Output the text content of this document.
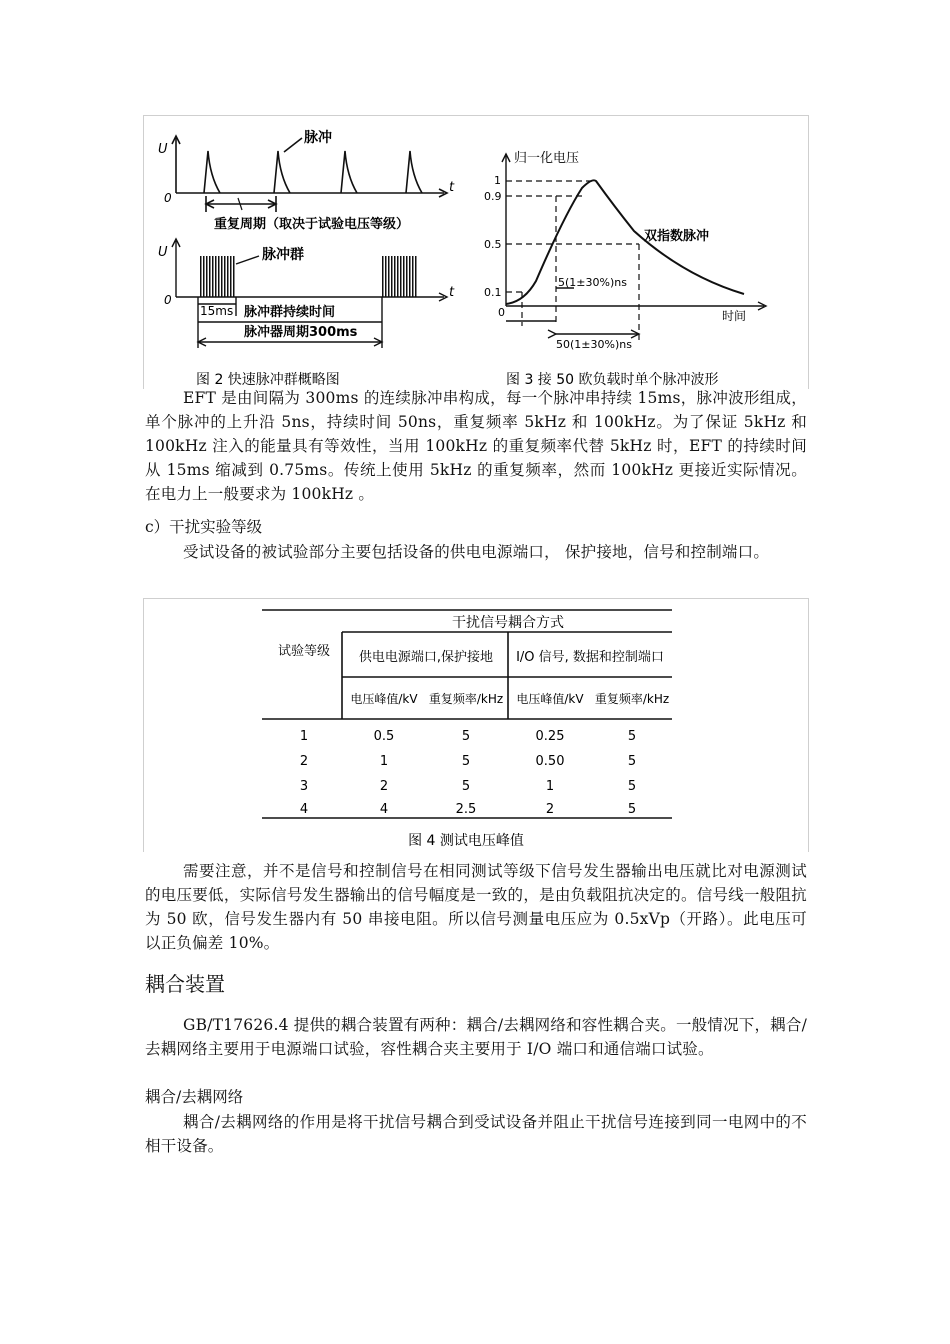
U
0
t
脉冲
重复周期（取决于试验电压等级）
U
0	t
脉冲群
15ms 脉冲群持续时间
脉冲器周期300ms
图 2 快速脉冲群概略图
归一化电压
1
0.9
0.5
0.1
0
双指数脉冲
5(1±30%)ns
50(1±30%)ns
时间
图 3 接 50 欧负载时单个脉冲波形
EFT 是由间隔为 300ms 的连续脉冲串构成，每一个脉冲串持续 15ms，脉冲波形组成，单个脉冲的上升沿 5ns，持续时间 50ns，重复频率 5kHz 和 100kHz。为了保证 5kHz 和 100kHz 注入的能量具有等效性，当用 100kHz 的重复频率代替 5kHz 时，EFT 的持续时间从 15ms 缩减到 0.75ms。传统上使用 5kHz 的重复频率，然而 100kHz 更接近实际情况。在电力上一般要求为 100kHz 。
c）干扰实验等级
受试设备的被试验部分主要包括设备的供电电源端口， 保护接地，信号和控制端口。
试验等级
干扰信号耦合方式
供电电源端口,保护接地 I/O 信号, 数据和控制端口
电压峰值/kV 重复频率/kHz 电压峰值/kV 重复频率/kHz
1	0.5	5	0.25	5
2	1	5	0.50	5
3	2	5	1	5
4	4	2.5	2	5
图 4 测试电压峰值
需要注意，并不是信号和控制信号在相同测试等级下信号发生器输出电压就比对电源测试的电压要低，实际信号发生器输出的信号幅度是一致的，是由负载阻抗决定的。信号线一般阻抗为 50 欧，信号发生器内有 50 串接电阻。所以信号测量电压应为 0.5xVp（开路）。此电压可以正负偏差 10%。
耦合装置
GB/T17626.4 提供的耦合装置有两种：耦合/去耦网络和容性耦合夹。一般情况下，耦合/去耦网络主要用于电源端口试验，容性耦合夹主要用于 I/O 端口和通信端口试验。
耦合/去耦网络
耦合/去耦网络的作用是将干扰信号耦合到受试设备并阻止干扰信号连接到同一电网中的不相干设备。
